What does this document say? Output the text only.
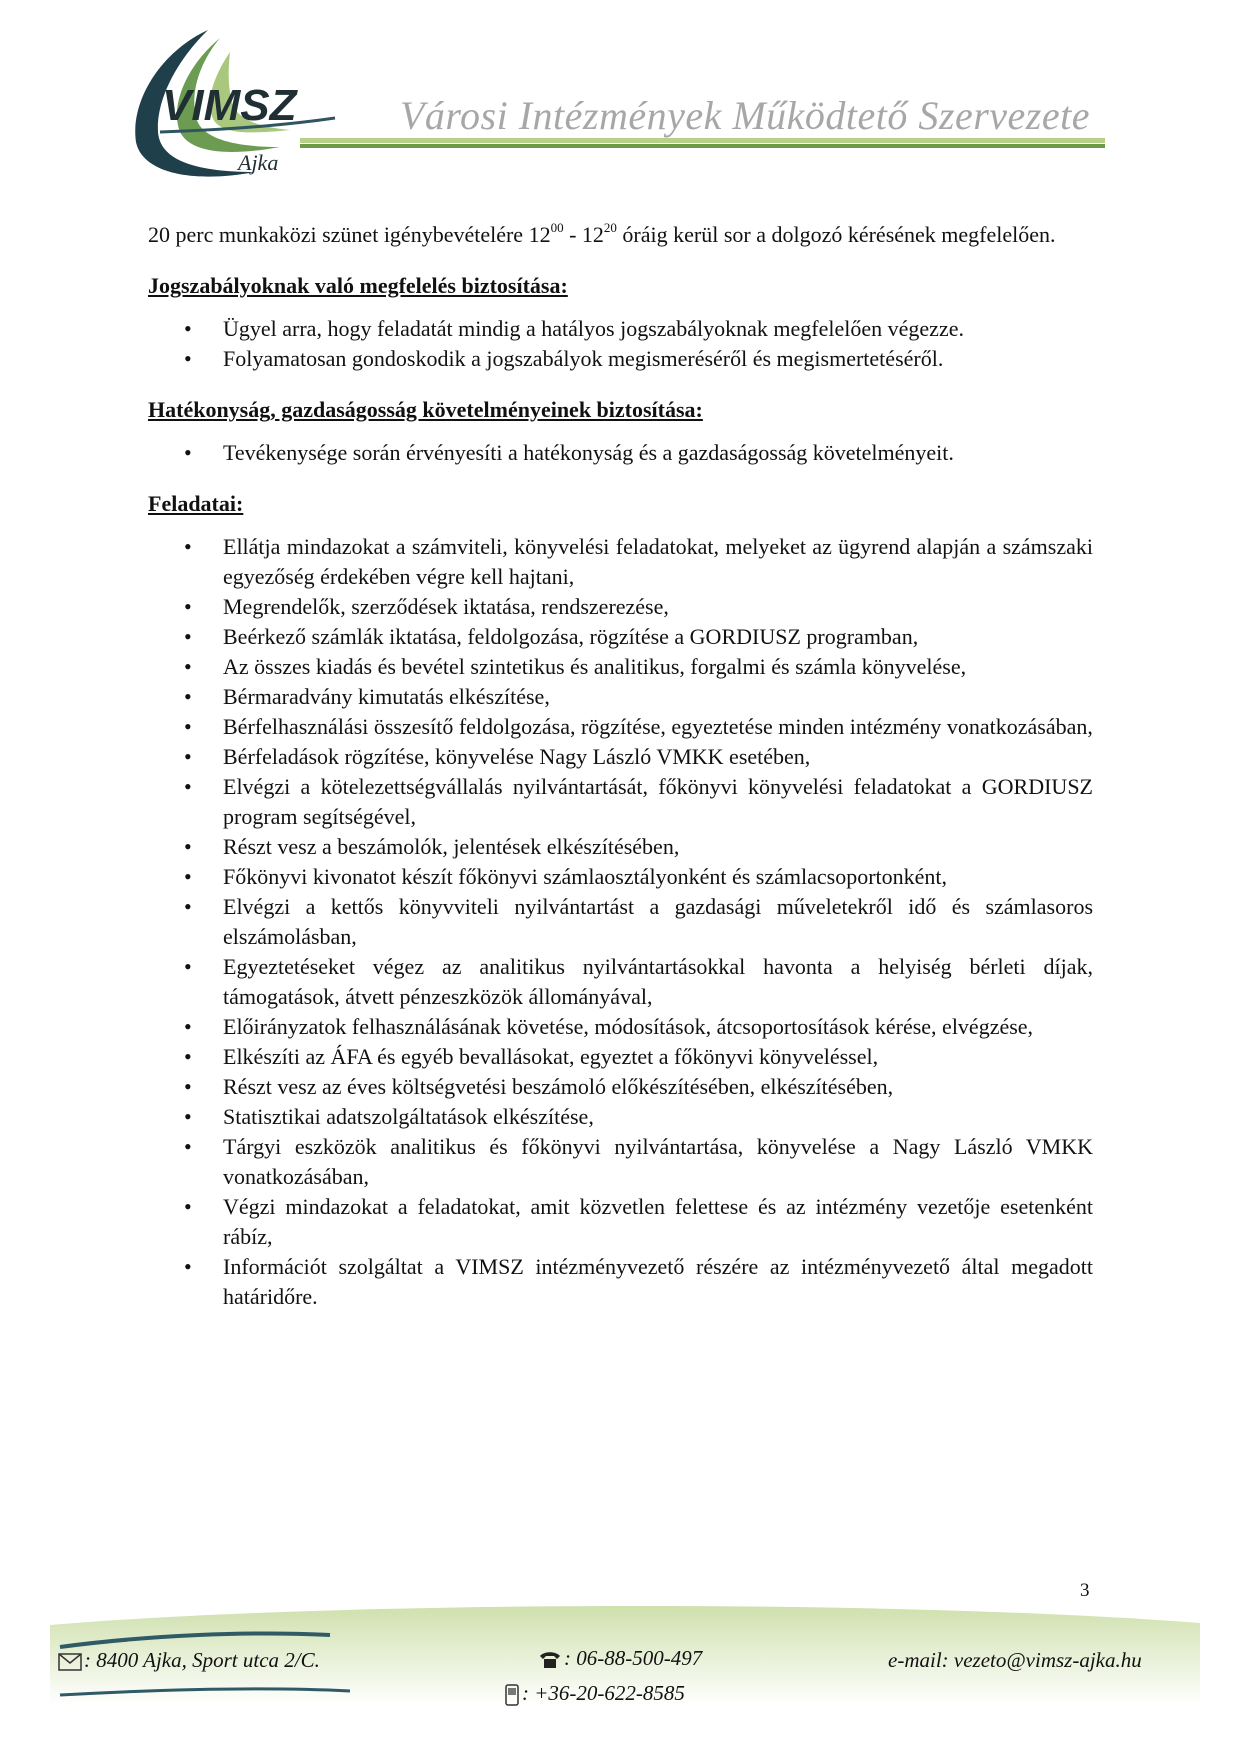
VIMSZ
Ajka
Városi Intézmények Működtető Szervezete

20 perc munkaközi szünet igénybevételére $12^{00} - 12^{20}$ óráig kerül sor a dolgozó kérésének megfelelően.

Jogszabályoknak való megfelelés biztosítása:
• Ügyel arra, hogy feladatát mindig a hatályos jogszabályoknak megfelelően végezze.
• Folyamatosan gondoskodik a jogszabályok megismeréséről és megismertetéséről.
Hatékonyság, gazdaságosság követelményeinek biztosítása:
• Tevékenysége során érvényesíti a hatékonyság és a gazdaságosság követelményeit.
Feladatai:
• Ellátja mindazokat a számviteli, könyvelési feladatokat, melyeket az ügyrend alapján a számszaki egyezőség érdekében végre kell hajtani,
• Megrendelők, szerződések iktatása, rendszerezése,
• Beérkező számlák iktatása, feldolgozása, rögzítése a GORDIUSZ programban,
• Az összes kiadás és bevétel szintetikus és analitikus, forgalmi és számla könyvelése,
• Bérmaradvány kimutatás elkészítése,
• Bérfelhasználási összesítő feldolgozása, rögzítése, egyeztetése minden intézmény vonatkozásában,
• Bérfeladások rögzítése, könyvelése Nagy László VMKK esetében,
• Elvégzi a kötelezettségvállalás nyilvántartását, főkönyvi könyvelési feladatokat a GORDIUSZ program segítségével,
• Részt vesz a beszámolók, jelentések elkészítésében,
• Főkönyvi kivonatot készít főkönyvi számlaosztályonként és számlacsoportonként,
• Elvégzi a kettős könyvviteli nyilvántartást a gazdasági műveletekről idő és számlasoros elszámolásban,
• Egyeztetéseket végez az analitikus nyilvántartásokkal havonta a helyiség bérleti díjak, támogatások, átvett pénzeszközök állományával,
• Előirányzatok felhasználásának követése, módosítások, átcsoportosítások kérése, elvégzése,
• Elkészíti az ÁFA és egyéb bevallásokat, egyeztet a főkönyvi könyveléssel,
• Részt vesz az éves költségvetési beszámoló előkészítésében, elkészítésében,
• Statisztikai adatszolgáltatások elkészítése,
• Tárgyi eszközök analitikus és főkönyvi nyilvántartása, könyvelése a Nagy László VMKK vonatkozásában,
• Végzi mindazokat a feladatokat, amit közvetlen felettese és az intézmény vezetője esetenként rábíz,
• Információt szolgáltat a VIMSZ intézményvezető részére az intézményvezető által megadott határidőre.
3
: 8400 Ajka, Sport utca 2/C.	: 06-88-500-497
: +36-20-622-8585
e-mail: vezeto@vimsz-ajka.hu
